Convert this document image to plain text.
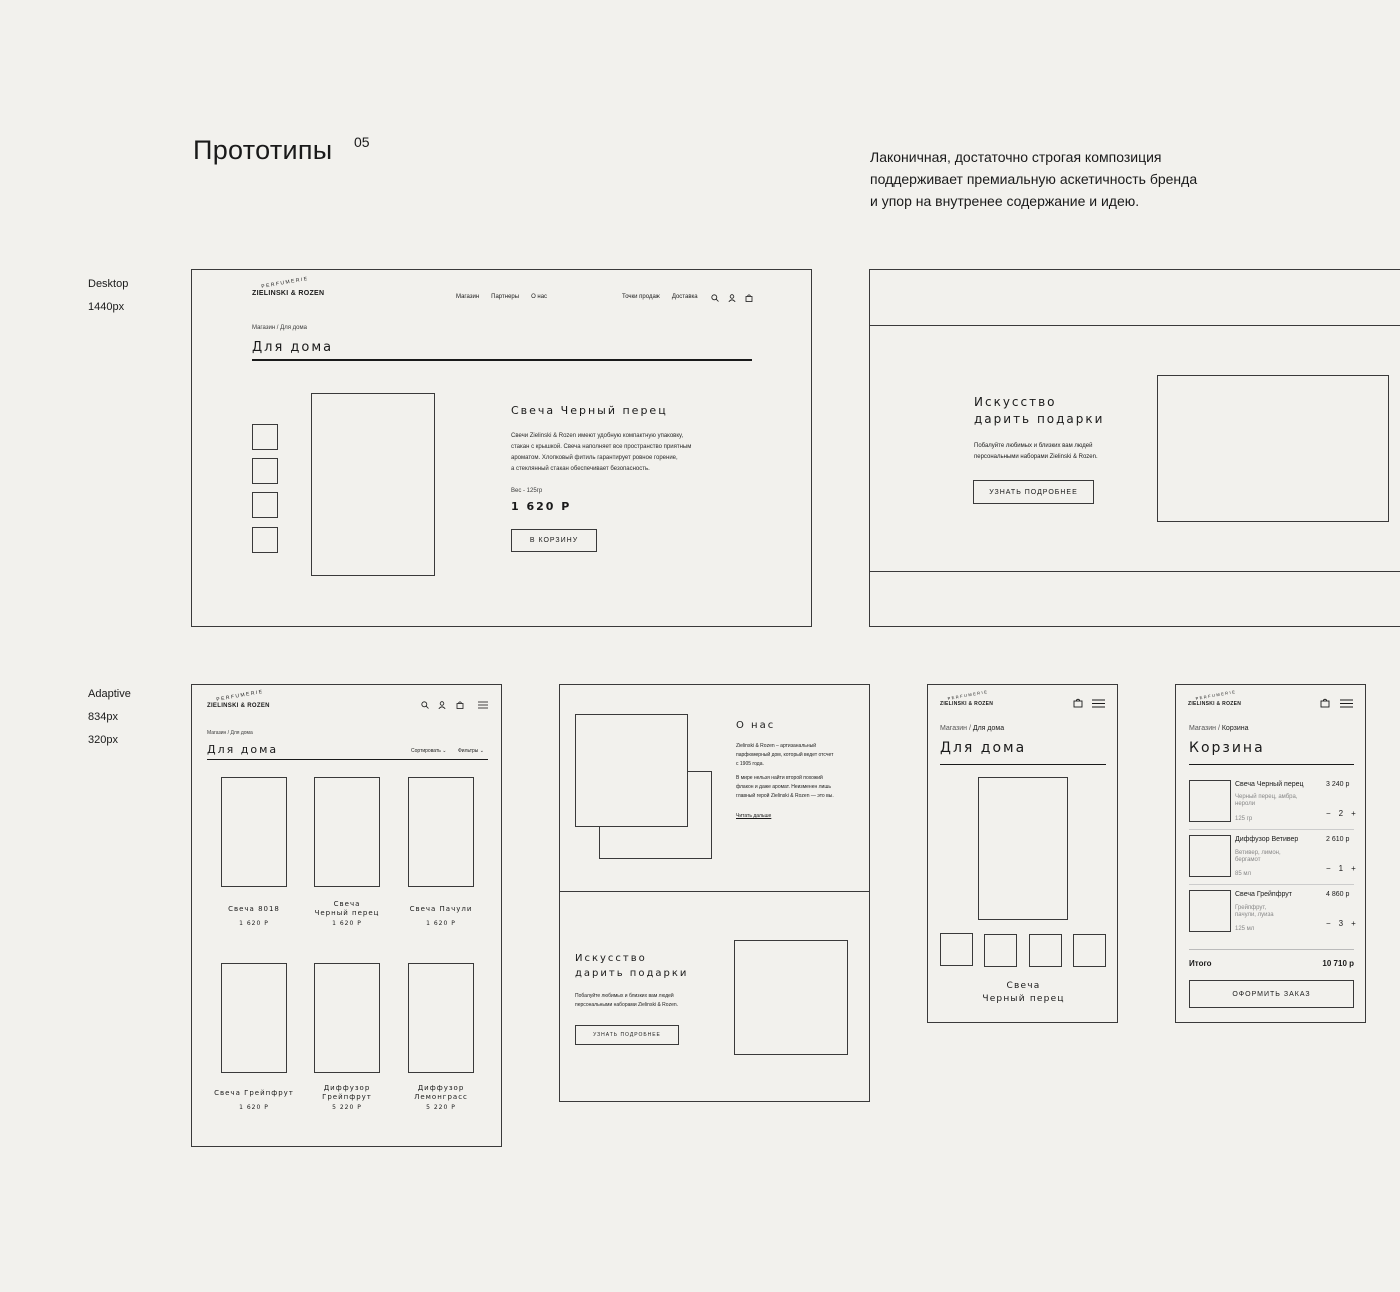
Прототипы 05
Лаконичная, достаточно строгая композиция
поддерживает премиальную аскетичность бренда
и упор на внутренее содержание и идею.
Desktop
1440px
Adaptive
834px
320px
PERFUMERIE
ZIELINSKI & ROZEN	Магазин Партнеры О нас	Точки продаж Доставка
Магазин / Для дома
Для дома
Свеча Черный перец
Свечи Zielinski & Rozen имеют удобную компактную упаковку,
стакан с крышкой. Свеча наполняет все пространство приятным
ароматом. Хлопковый фитиль гарантирует ровное горение,
а стеклянный стакан обеспечивает безопасность.
Вес - 125гр
1 620 Р
В КОРЗИНУ
Искусство
дарить подарки
Побалуйте любимых и близких вам людей
персональными наборами Zielinski & Rozen.
УЗНАТЬ ПОДРОБНЕЕ
PERFUMERIE
ZIELINSKI & ROZEN
Магазин / Для дома
Для дома	Сортировать ⌄ Фильтры ⌄
Свеча 8018
1 620 Р
Свеча
Черный перец
1 620 Р
Свеча Пачули
1 620 Р
Свеча Грейпфрут
1 620 Р
Диффузор
Грейпфрут
5 220 Р
Диффузор
Лемонграсс
5 220 Р
О нас
Zielinski & Rozen – артизанальный
парфюмерный дом, который ведет отсчет
с 1905 года.
В мире нельзя найти второй похожий
флакон и даже аромат. Неизменен лишь
главный герой Zielinski & Rozen — это вы.
Читать дальше
Искусство
дарить подарки
Побалуйте любимых и близких вам людей
персональными наборами Zielinski & Rozen.
УЗНАТЬ ПОДРОБНЕЕ
PERFUMERIE
ZIELINSKI & ROZEN
Магазин / Для дома
Для дома
Свеча
Черный перец
PERFUMERIE
ZIELINSKI & ROZEN
Магазин / Корзина
Корзина
Свеча Черный перец	3 240 р
Черный перец, амбра,
нероли
125 гр
− 2 +
Диффузор Ветивер	2 610 р
Ветивер, лимон,
бергамот
85 мл
− 1 +
Свеча Грейпфрут	4 860 р
Грейпфрут,
пачули, луиза
125 мл
− 3 +
Итого	10 710 р
ОФОРМИТЬ ЗАКАЗ
